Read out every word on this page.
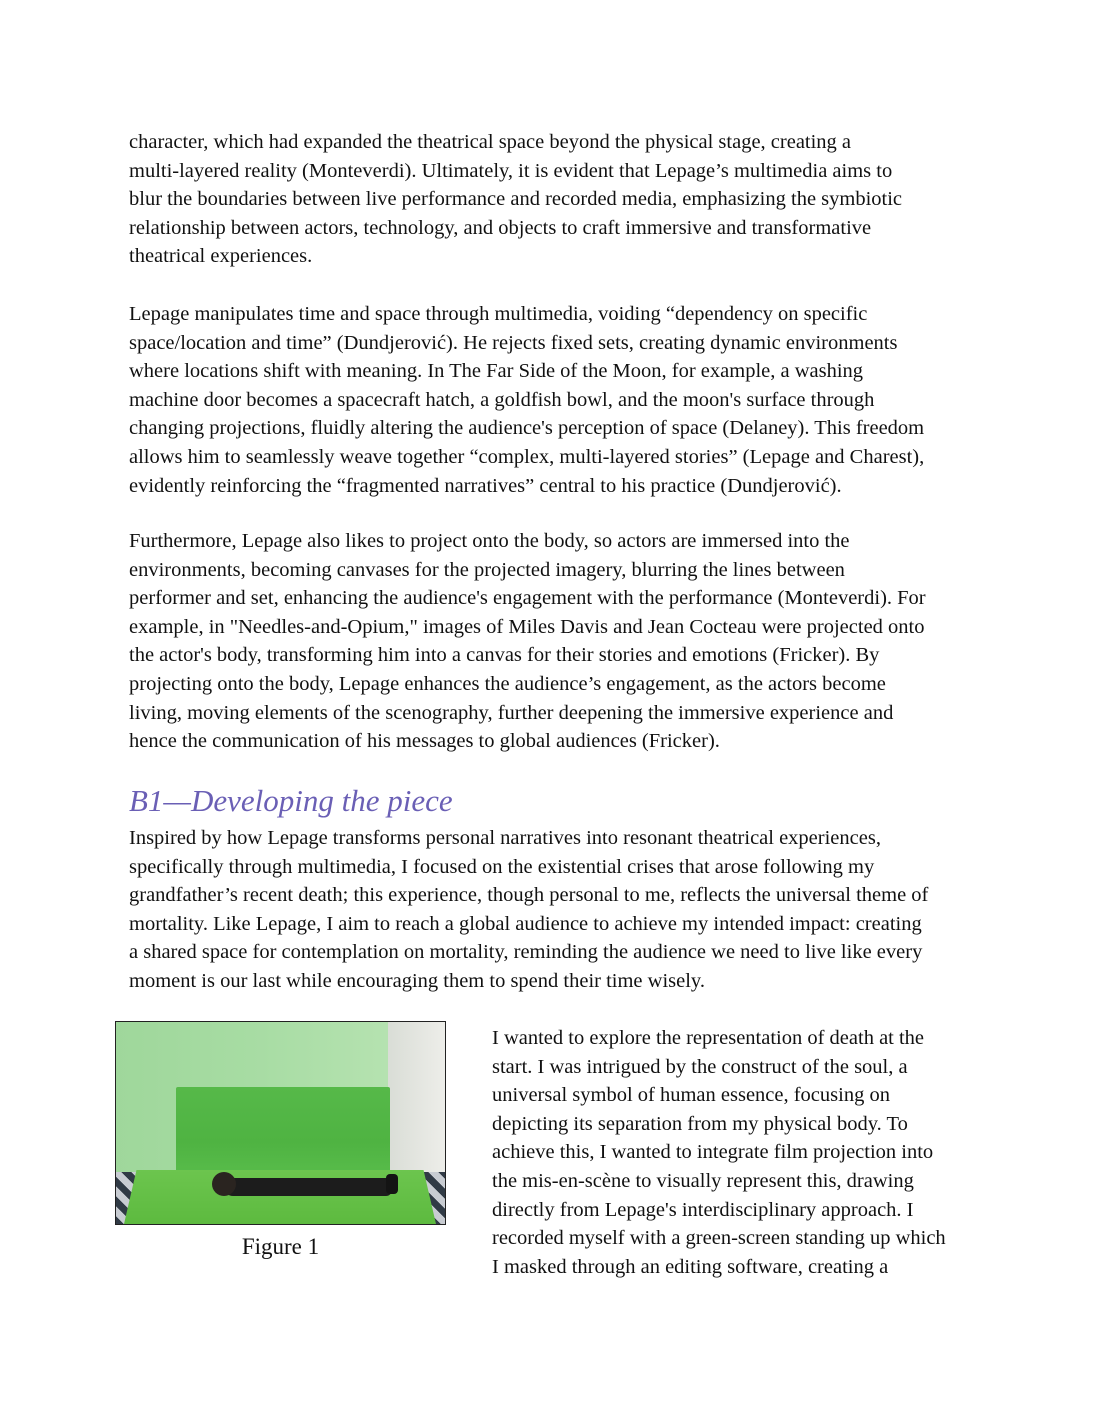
character, which had expanded the theatrical space beyond the physical stage, creating a
multi-layered reality (Monteverdi). Ultimately, it is evident that Lepage’s multimedia aims to
blur the boundaries between live performance and recorded media, emphasizing the symbiotic
relationship between actors, technology, and objects to craft immersive and transformative
theatrical experiences.
Lepage manipulates time and space through multimedia, voiding “dependency on specific
space/location and time” (Dundjerović). He rejects fixed sets, creating dynamic environments
where locations shift with meaning. In The Far Side of the Moon, for example, a washing
machine door becomes a spacecraft hatch, a goldfish bowl, and the moon's surface through
changing projections, fluidly altering the audience's perception of space (Delaney). This freedom
allows him to seamlessly weave together “complex, multi-layered stories” (Lepage and Charest),
evidently reinforcing the “fragmented narratives” central to his practice (Dundjerović).
Furthermore, Lepage also likes to project onto the body, so actors are immersed into the
environments, becoming canvases for the projected imagery, blurring the lines between
performer and set, enhancing the audience's engagement with the performance (Monteverdi). For
example, in "Needles-and-Opium," images of Miles Davis and Jean Cocteau were projected onto
the actor's body, transforming him into a canvas for their stories and emotions (Fricker). By
projecting onto the body, Lepage enhances the audience’s engagement, as the actors become
living, moving elements of the scenography, further deepening the immersive experience and
hence the communication of his messages to global audiences (Fricker).
B1—Developing the piece
Inspired by how Lepage transforms personal narratives into resonant theatrical experiences,
specifically through multimedia, I focused on the existential crises that arose following my
grandfather’s recent death; this experience, though personal to me, reflects the universal theme of
mortality. Like Lepage, I aim to reach a global audience to achieve my intended impact: creating
a shared space for contemplation on mortality, reminding the audience we need to live like every
moment is our last while encouraging them to spend their time wisely.
Figure 1
I wanted to explore the representation of death at the
start. I was intrigued by the construct of the soul, a
universal symbol of human essence, focusing on
depicting its separation from my physical body. To
achieve this, I wanted to integrate film projection into
the mis-en-scène to visually represent this, drawing
directly from Lepage's interdisciplinary approach. I
recorded myself with a green-screen standing up which
I masked through an editing software, creating a
